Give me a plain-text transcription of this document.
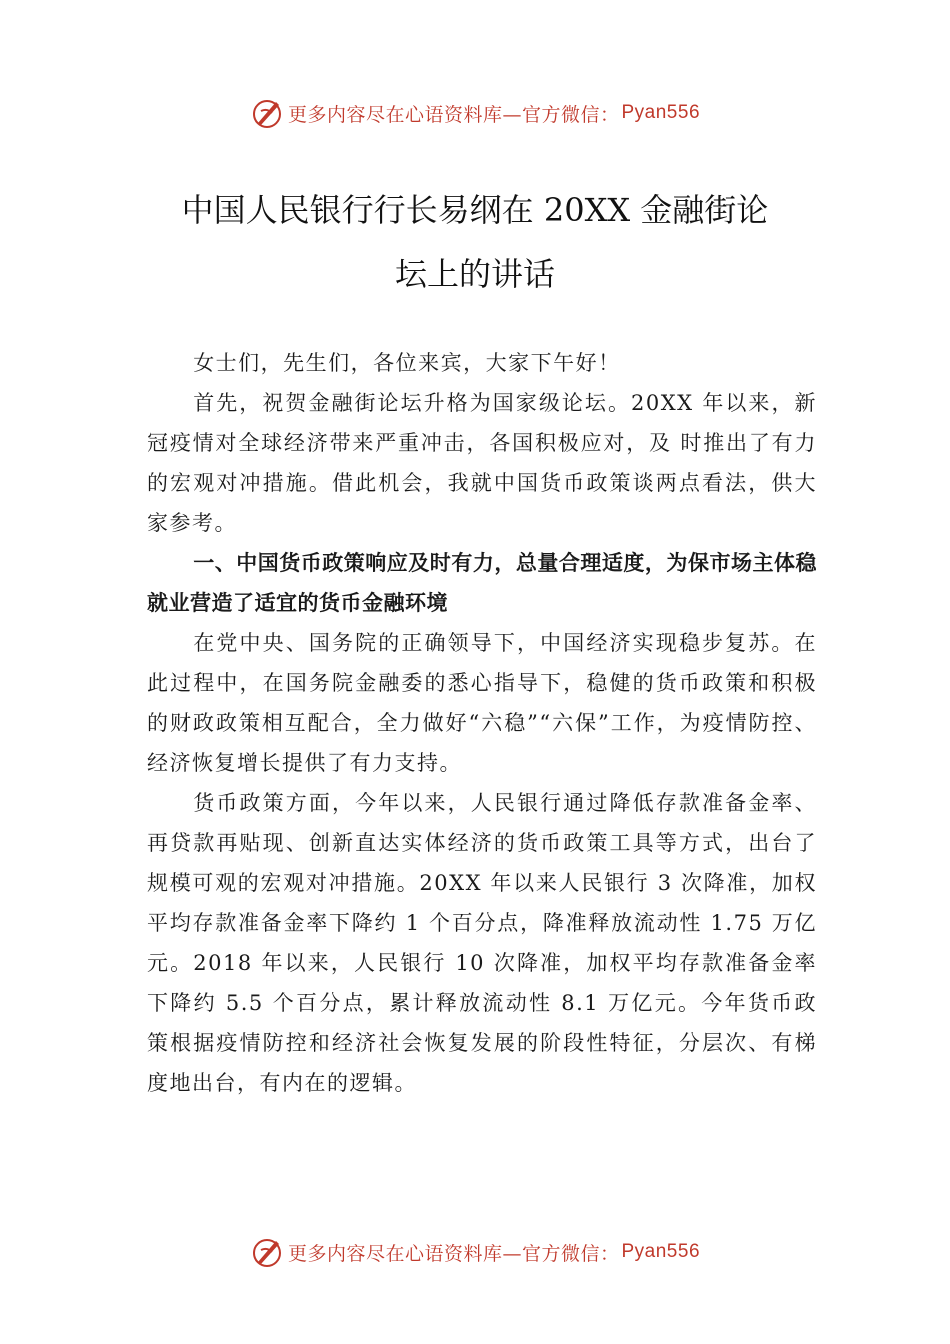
更多内容尽在心语资料库—官方微信： Pyan556
中国人民银行行长易纲在 20XX 金融街论
坛上的讲话

女士们，先生们，各位来宾，大家下午好！

首先，祝贺金融街论坛升格为国家级论坛。20XX 年以来，新冠疫情对全球经济带来严重冲击，各国积极应对，及 时推出了有力的宏观对冲措施。借此机会，我就中国货币政策谈两点看法，供大家参考。

一、中国货币政策响应及时有力，总量合理适度，为保市场主体稳就业营造了适宜的货币金融环境

在党中央、国务院的正确领导下，中国经济实现稳步复苏。在此过程中，在国务院金融委的悉心指导下，稳健的货币政策和积极的财政政策相互配合，全力做好“六稳”“六保”工作，为疫情防控、经济恢复增长提供了有力支持。

货币政策方面，今年以来，人民银行通过降低存款准备金率、再贷款再贴现、创新直达实体经济的货币政策工具等方式，出台了规模可观的宏观对冲措施。20XX 年以来人民银行 3 次降准，加权平均存款准备金率下降约 1 个百分点，降准释放流动性 1.75 万亿元。2018 年以来，人民银行 10 次降准，加权平均存款准备金率下降约 5.5 个百分点，累计释放流动性 8.1 万亿元。今年货币政策根据疫情防控和经济社会恢复发展的阶段性特征，分层次、有梯度地出台，有内在的逻辑。

更多内容尽在心语资料库—官方微信： Pyan556
